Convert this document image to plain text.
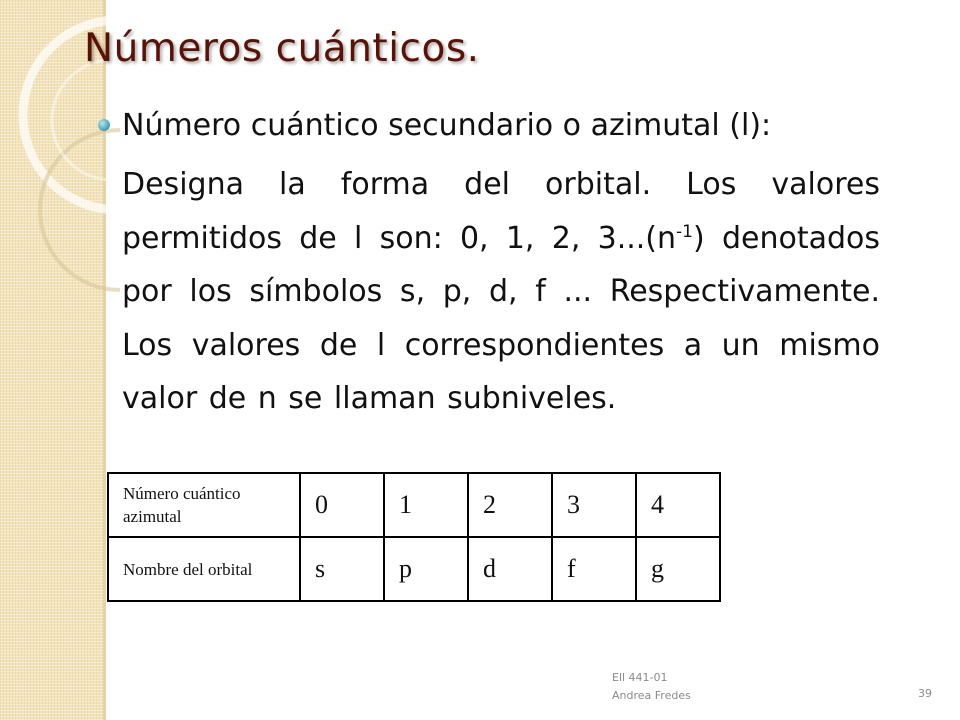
Números cuánticos.
Número cuántico secundario o azimutal (l):

Designa la forma del orbital. Los valores permitidos de l son: 0, 1, 2, $3...(n^{-1})$ denotados por los símbolos s, p, d, f ... Respectivamente. Los valores de l correspondientes a un mismo valor de n se llaman subniveles.

Número cuántico azimutal	0	1	2	3	4
Nombre del orbital	s	p	d	f	g
Ell 441-01
Andrea Fredes	39
